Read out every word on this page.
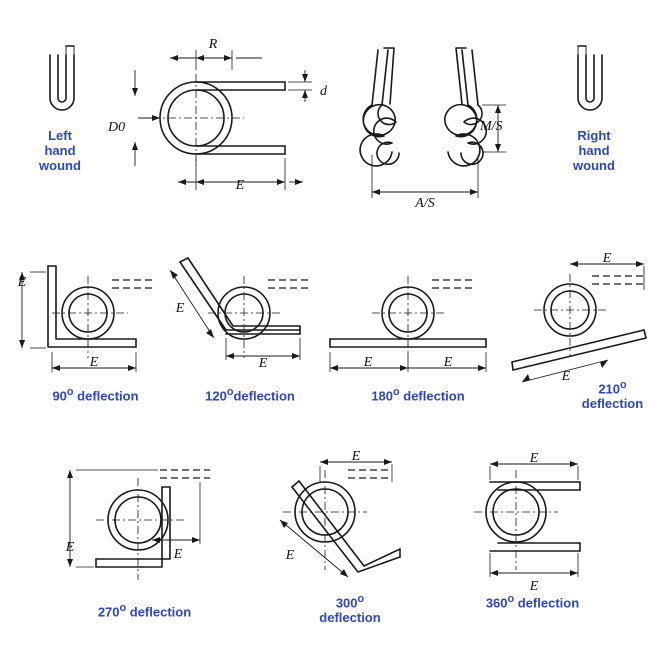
R
d
D0
E
M/S
A/S
E
E
E
E	E	E
E
E
E	E
E
E
E
E
Left
hand
wound
Right
hand
wound
90$^o$ deflection	120$^o$deflection	180$^o$ deflection	210$^o$
deflection
270$^o$ deflection
300$^o$
deflection
360$^o$ deflection
